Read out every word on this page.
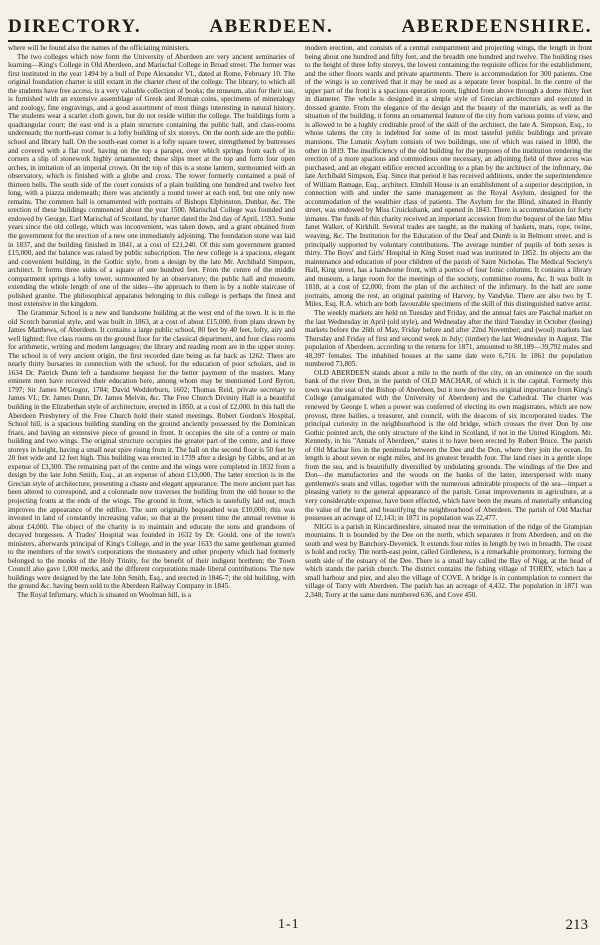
DIRECTORY.	ABERDEEN.	ABERDEENSHIRE.

where will be found also the names of the officiating ministers.

The two colleges which now form the University of Aberdeen are very ancient seminaries of learning—King's College in Old Aberdeen, and Marischal College in Broad street. The former was first instituted in the year 1494 by a bull of Pope Alexander VI., dated at Rome, February 10. The original foundation charter is still extant in the charter chest of the college. The library, to which all the students have free access, is a very valuable collection of books; the museum, also for their use, is furnished with an extensive assemblage of Greek and Roman coins, specimens of mineralogy and zoology, fine engravings, and a good assortment of most things interesting in natural history. The students wear a scarlet cloth gown, but do not reside within the college. The buildings form a quadrangular court; the east end is a plain structure containing the public hall, and class-rooms underneath; the north-east corner is a lofty building of six storeys. On the north side are the public school and library hall. On the south-east corner is a lofty square tower, strengthened by buttresses and covered with a flat roof, having on the top a parapet, over which springs from each of its corners a slip of stonework highly ornamented; these slips meet at the top and form four open arches, in imitation of an imperial crown. On the top of this is a stone lantern, surmounted with an observatory, which is finished with a globe and cross. The tower formerly contained a peal of thirteen bells. The south side of the court consists of a plain building one hundred and twelve feet long, with a piazza underneath; there was anciently a round tower at each end, but one only now remains. The common hall is ornamented with portraits of Bishops Elphinston, Dunbar, &c. The erection of these buildings commenced about the year 1500. Marischal College was founded and endowed by George, Earl Marischal of Scotland, by charter dated the 2nd day of April, 1593. Some years since the old college, which was inconvenient, was taken down, and a grant obtained from the government for the erection of a new one immediately adjoining. The foundation stone was laid in 1837, and the building finished in 1841, at a cost of £21,240. Of this sum government granted £15,000, and the balance was raised by public subscription. The new college is a spacious, elegant and convenient building, in the Gothic style, from a design by the late Mr. Archibald Simpson, architect. It forms three sides of a square of one hundred feet. From the centre of the middle compartment springs a lofty tower, surmounted by an observatory; the public hall and museum, extending the whole length of one of the sides—the approach to them is by a noble staircase of polished granite. The philosophical apparatus belonging to this college is perhaps the finest and most extensive in the kingdom.

The Grammar School is a new and handsome building at the west end of the town. It is in the old Scotch baronial style, and was built in 1863, at a cost of about £15,000, from plans drawn by James Matthews, of Aberdeen. It contains a large public school, 80 feet by 40 feet, lofty, airy and well lighted; five class rooms on the ground floor for the classical department, and four class rooms for arithmetic, writing and modern languages; the library and reading room are in the upper storey. The school is of very ancient origin, the first recorded date being as far back as 1262. There are nearly thirty bursaries in connection with the school, for the education of poor scholars, and in 1634 Dr. Patrick Dunn left a handsome bequest for the better payment of the masters. Many eminent men have received their education here, among whom may be mentioned Lord Byron, 1797; Sir James M'Gregor, 1784; David Wedderburn, 1602; Thomas Reid, private secretary to James VI.; Dr. James Dunn, Dr. James Melvin, &c. The Free Church Divinity Hall is a beautiful building in the Elizabethan style of architecture, erected in 1850, at a cost of £2,000. In this hall the Aberdeen Presbytery of the Free Church hold their stated meetings. Robert Gordon's Hospital, School hill, is a spacious building standing on the ground anciently possessed by the Dominican friars, and having an extensive piece of ground in front. It occupies the site of a centre or main building and two wings. The original structure occupies the greater part of the centre, and is three storeys in height, having a small neat spire rising from it. The hall on the second floor is 50 feet by 20 feet wide and 12 feet high. This building was erected in 1739 after a design by Gibbs, and at an expense of £3,300. The remaining part of the centre and the wings were completed in 1832 from a design by the late John Smith, Esq., at an expense of about £13,000. The latter erection is in the Grecian style of architecture, presenting a chaste and elegant appearance. The more ancient part has been altered to correspond, and a colonnade now traverses the building from the old house to the projecting fronts at the ends of the wings. The ground in front, which is tastefully laid out, much improves the appearance of the edifice. The sum originally bequeathed was £10,000; this was invested in land of constantly increasing value, so that at the present time the annual revenue is about £4,000. The object of the charity is to maintain and educate the sons and grandsons of decayed burgesses. A Trades' Hospital was founded in 1632 by Dr. Gould, one of the town's ministers, afterwards principal of King's College, and in the year 1633 the same gentleman granted to the members of the town's corporations the monastery and other property which had formerly belonged to the monks of the Holy Trinity, for the benefit of their indigent brethren; the Town Council also gave 1,000 merks, and the different corporations made liberal contributions. The new buildings were designed by the late John Smith, Esq., and erected in 1846-7; the old building, with the ground &c. having been sold to the Aberdeen Railway Company in 1845.

The Royal Infirmary, which is situated on Woolman hill, is a

modern erection, and consists of a central compartment and projecting wings, the length in front being about one hundred and fifty feet, and the breadth one hundred and twelve. The building rises to the height of three lofty storeys, the lowest containing the requisite offices for the establishment, and the other floors wards and private apartments. There is accommodation for 300 patients. One of the wings is so contrived that it may be used as a separate fever hospital. In the centre of the upper part of the front is a spacious operation room, lighted from above through a dome thirty feet in diameter. The whole is designed in a simple style of Grecian architecture and executed in dressed granite. From the elegance of the design and the beauty of the materials, as well as the situation of the building, it forms an ornamental feature of the city from various points of view, and is allowed to be a highly creditable proof of the skill of the architect, the late A. Simpson, Esq., to whose talents the city is indebted for some of its most tasteful public buildings and private mansions. The Lunatic Asylum consists of two buildings, one of which was raised in 1800, the other in 1819. The insufficiency of the old building for the purposes of the institution rendering the erection of a more spacious and commodious one necessary, an adjoining field of three acres was purchased, and an elegant edifice erected according to a plan by the architect of the infirmary, the late Archibald Simpson, Esq. Since that period it has received additions, under the superintendence of William Ramage, Esq., architect. Elmhill House is an establishment of a superior description, in connection with and under the same management as the Royal Asylum, designed for the accommodation of the wealthier class of patients. The Asylum for the Blind, situated in Huntly street, was endowed by Miss Cruickshank, and opened in 1843. There is accommodation for forty inmates. The funds of this charity received an important accession from the bequest of the late Miss Janet Walker, of Kirkhill. Several trades are taught, as the making of baskets, mats, rope, twine, weaving, &c. The Institution for the Education of the Deaf and Dumb is in Belmont street, and is principally supported by voluntary contributions. The average number of pupils of both sexes is thirty. The Boys' and Girls' Hospital in King Street road was instituted in 1852. Its objects are the maintenance and education of poor children of the parish of Saint Nicholas. The Medical Society's Hall, King street, has a handsome front, with a portico of four Ionic columns. It contains a library and museum, a large room for the meetings of the society, committee rooms, &c. It was built in 1818, at a cost of £2,000, from the plan of the architect of the infirmary. In the hall are some portraits, among the rest, an original painting of Harvey, by Vandyke. There are also two by T. Miles, Esq. R.A. which are both favourable specimens of the skill of this distinguished native artist.

The weekly markets are held on Tuesday and Friday, and the annual fairs are Paschal market on the last Wednesday in April (old style), and Wednesday after the third Tuesday in October (feeing) markets before the 26th of May, Friday before and after 22nd November; and (wool) markets last Thursday and Friday of first and second week in July; (timber) the last Wednesday in August. The population of Aberdeen, according to the returns for 1871, amounted to 88,189—39,792 males and 48,397 females. The inhabited houses at the same date were 6,716. In 1861 the population numbered 73,805.

OLD ABERDEEN stands about a mile to the north of the city, on an eminence on the south bank of the river Don, in the parish of OLD MACHAR, of which it is the capital. Formerly this town was the seat of the Bishop of Aberdeen, but it now derives its original importance from King's College (amalgamated with the University of Aberdeen) and the Cathedral. The charter was renewed by George I. when a power was conferred of electing its own magistrates, which are now provost, three bailies, a treasurer, and council, with the deacons of six incorporated trades. The principal curiosity in the neighbourhood is the old bridge, which crosses the river Don by one Gothic pointed arch, the only structure of the kind in Scotland, if not in the United Kingdom. Mr. Kennedy, in his "Annals of Aberdeen," states it to have been erected by Robert Bruce. The parish of Old Machar lies in the peninsula between the Dee and the Don, where they join the ocean. Its length is about seven or eight miles, and its greatest breadth four. The land rises in a gentle slope from the sea, and is beautifully diversified by undulating grounds. The windings of the Dee and Don—the manufactories and the woods on the banks of the latter, interspersed with many gentlemen's seats and villas, together with the numerous admirable prospects of the sea—impart a pleasing variety to the general appearance of the parish. Great improvements in agriculture, at a very considerable expense, have been effected, which have been the means of materially enhancing the value of the land, and beautifying the neighbourhood of Aberdeen. The parish of Old Machar possesses an acreage of 12,143; in 1871 its population was 22,477.

NIGG is a parish in Kincardineshire, situated near the termination of the ridge of the Grampian mountains. It is bounded by the Dee on the north, which separates it from Aberdeen, and on the south and west by Banchory-Devenick. It extends four miles in length by two in breadth. The coast is bold and rocky. The north-east point, called Girdleness, is a remarkable promontory, forming the south side of the estuary of the Dee. There is a small bay called the Bay of Nigg, at the head of which stands the parish church. The district contains the fishing village of TORRY, which has a small harbour and pier, and also the village of COVE. A bridge is in contemplation to connect the village of Torry with Aberdeen. The parish has an acreage of 4,432. The population in 1871 was 2,348; Torry at the same date numbered 636, and Cove 450.

1-1	213
